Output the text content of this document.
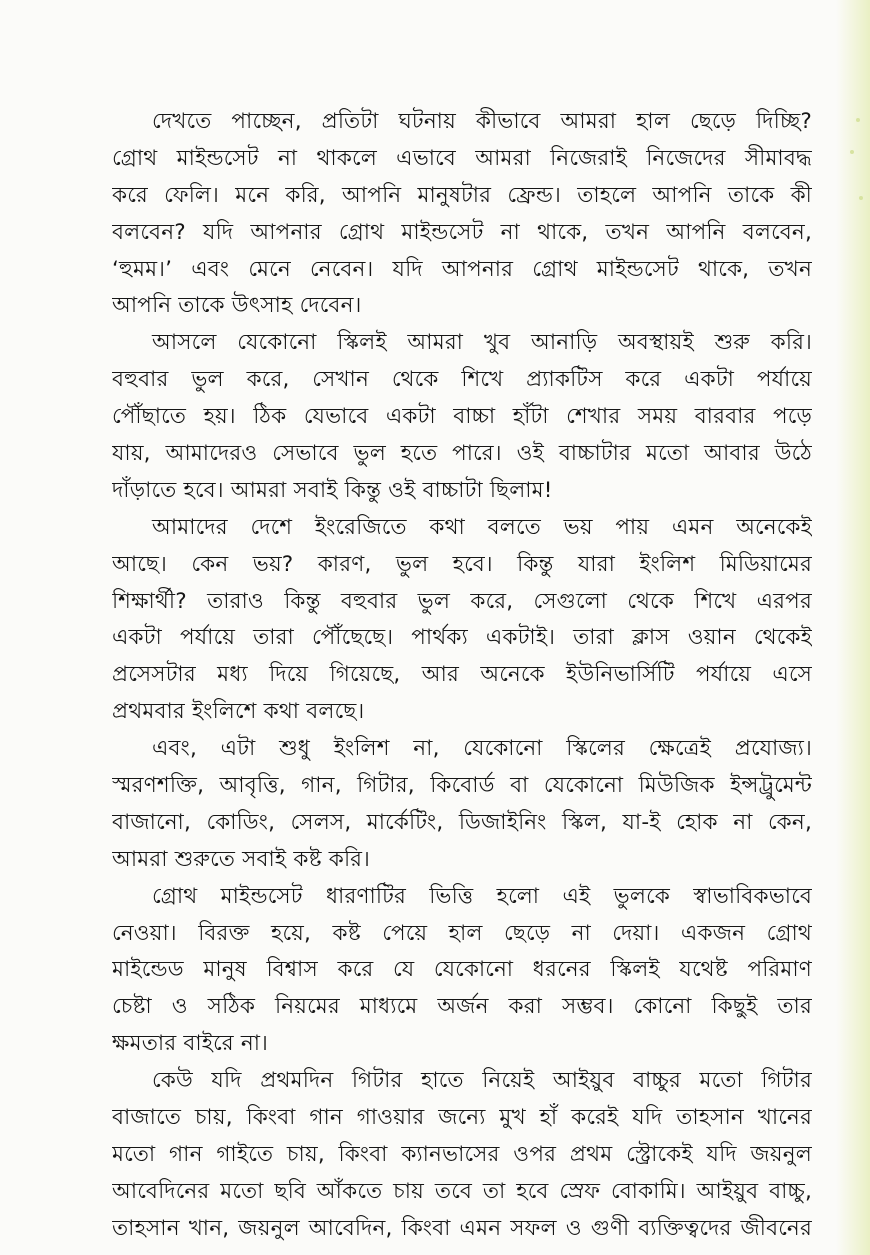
দেখতে পাচ্ছেন, প্রতিটা ঘটনায় কীভাবে আমরা হাল ছেড়ে দিচ্ছি?
গ্রোথ মাইন্ডসেট না থাকলে এভাবে আমরা নিজেরাই নিজেদের সীমাবদ্ধ
করে ফেলি। মনে করি, আপনি মানুষটার ফ্রেন্ড। তাহলে আপনি তাকে কী
বলবেন? যদি আপনার গ্রোথ মাইন্ডসেট না থাকে, তখন আপনি বলবেন,
‘হুমম।’ এবং মেনে নেবেন। যদি আপনার গ্রোথ মাইন্ডসেট থাকে, তখন
আপনি তাকে উৎসাহ দেবেন।
আসলে যেকোনো স্কিলই আমরা খুব আনাড়ি অবস্থায়ই শুরু করি।
বহুবার ভুল করে, সেখান থেকে শিখে প্র্যাকটিস করে একটা পর্যায়ে
পৌঁছাতে হয়। ঠিক যেভাবে একটা বাচ্চা হাঁটা শেখার সময় বারবার পড়ে
যায়, আমাদেরও সেভাবে ভুল হতে পারে। ওই বাচ্চাটার মতো আবার উঠে
দাঁড়াতে হবে। আমরা সবাই কিন্তু ওই বাচ্চাটা ছিলাম!
আমাদের দেশে ইংরেজিতে কথা বলতে ভয় পায় এমন অনেকেই
আছে। কেন ভয়? কারণ, ভুল হবে। কিন্তু যারা ইংলিশ মিডিয়ামের
শিক্ষার্থী? তারাও কিন্তু বহুবার ভুল করে, সেগুলো থেকে শিখে এরপর
একটা পর্যায়ে তারা পৌঁছেছে। পার্থক্য একটাই। তারা ক্লাস ওয়ান থেকেই
প্রসেসটার মধ্য দিয়ে গিয়েছে, আর অনেকে ইউনিভার্সিটি পর্যায়ে এসে
প্রথমবার ইংলিশে কথা বলছে।
এবং, এটা শুধু ইংলিশ না, যেকোনো স্কিলের ক্ষেত্রেই প্রযোজ্য।
স্মরণশক্তি, আবৃত্তি, গান, গিটার, কিবোর্ড বা যেকোনো মিউজিক ইন্সট্রুমেন্ট
বাজানো, কোডিং, সেলস, মার্কেটিং, ডিজাইনিং স্কিল, যা-ই হোক না কেন,
আমরা শুরুতে সবাই কষ্ট করি।
গ্রোথ মাইন্ডসেট ধারণাটির ভিত্তি হলো এই ভুলকে স্বাভাবিকভাবে
নেওয়া। বিরক্ত হয়ে, কষ্ট পেয়ে হাল ছেড়ে না দেয়া। একজন গ্রোথ
মাইন্ডেড মানুষ বিশ্বাস করে যে যেকোনো ধরনের স্কিলই যথেষ্ট পরিমাণ
চেষ্টা ও সঠিক নিয়মের মাধ্যমে অর্জন করা সম্ভব। কোনো কিছুই তার
ক্ষমতার বাইরে না।
কেউ যদি প্রথমদিন গিটার হাতে নিয়েই আইয়ুব বাচ্চুর মতো গিটার
বাজাতে চায়, কিংবা গান গাওয়ার জন্যে মুখ হাঁ করেই যদি তাহসান খানের
মতো গান গাইতে চায়, কিংবা ক্যানভাসের ওপর প্রথম স্ট্রোকেই যদি জয়নুল
আবেদিনের মতো ছবি আঁকতে চায় তবে তা হবে স্রেফ বোকামি। আইয়ুব বাচ্চু,
তাহসান খান, জয়নুল আবেদিন, কিংবা এমন সফল ও গুণী ব্যক্তিত্বদের জীবনের
